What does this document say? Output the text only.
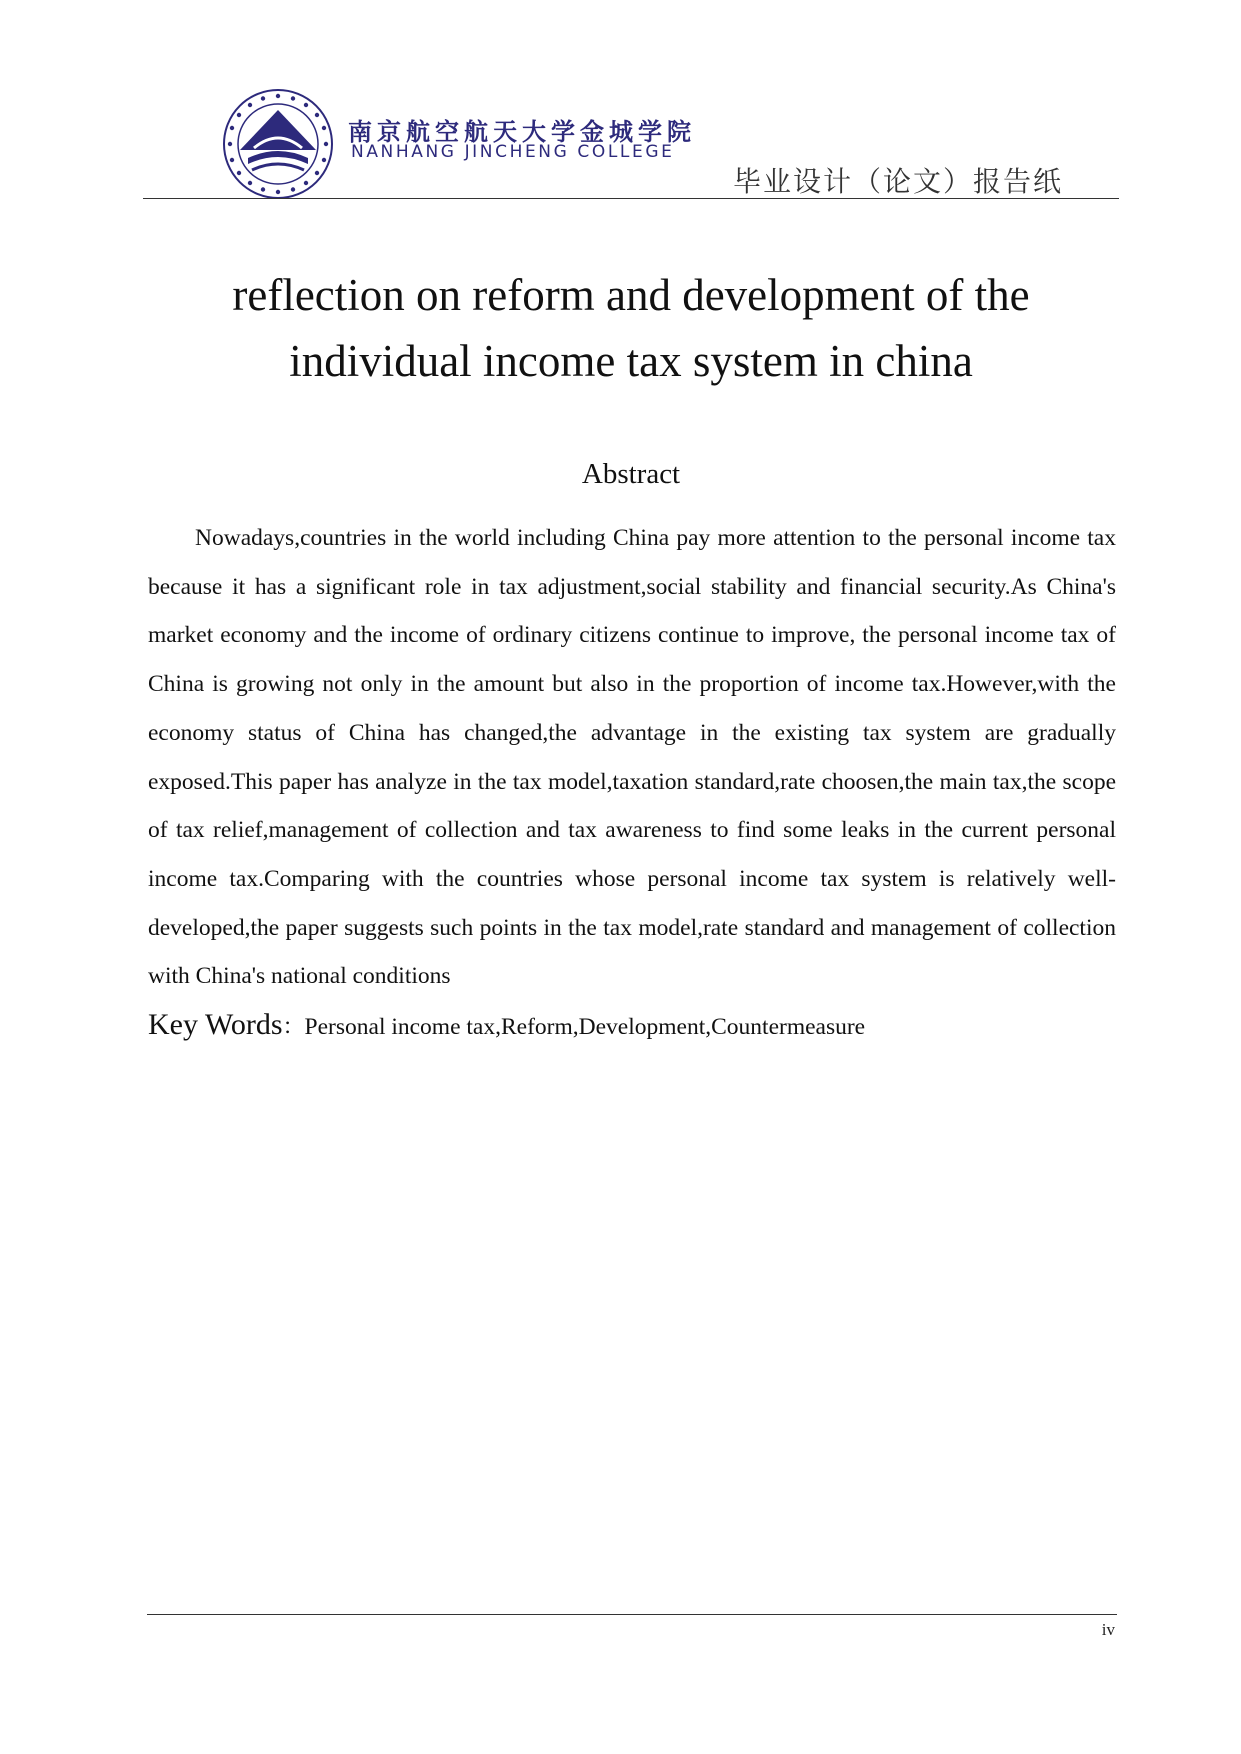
南京航空航天大学金城学院
NANHANG JINCHENG COLLEGE
毕业设计（论文）报告纸
reflection on reform and development of the
individual income tax system in china
Abstract

Nowadays,countries in the world including China pay more attention to the personal income tax because it has a significant role in tax adjustment,social stability and financial security.As China's market economy and the income of ordinary citizens continue to improve, the personal income tax of China is growing not only in the amount but also in the proportion of income tax.However,with the economy status of China has changed,the advantage in the existing tax system are gradually exposed.This paper has analyze in the tax model,taxation standard,rate choosen,the main tax,the scope of tax relief,management of collection and tax awareness to find some leaks in the current personal income tax.Comparing with the countries whose personal income tax system is relatively well-developed,the paper suggests such points in the tax model,rate standard and management of collection with China's national conditions

Key Words：Personal income tax,Reform,Development,Countermeasure
iv
